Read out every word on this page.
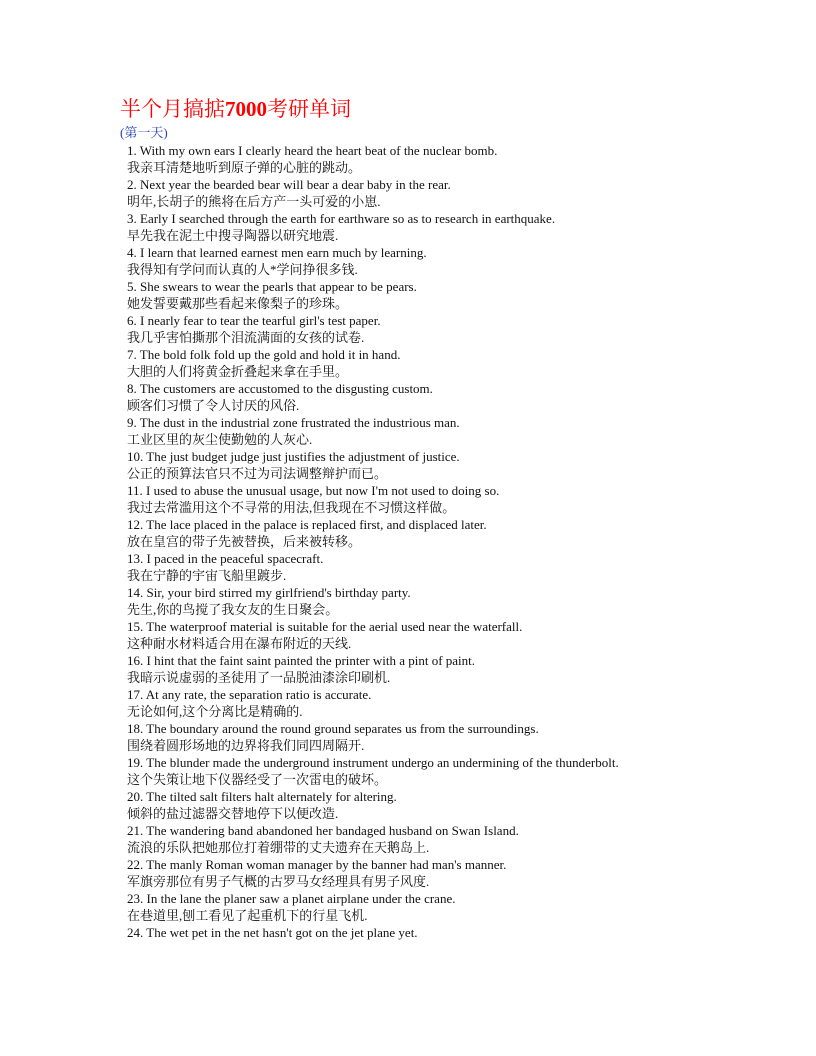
半个月搞掂7000考研单词
(第一天)
1. With my own ears I clearly heard the heart beat of the nuclear bomb.
我亲耳清楚地听到原子弹的心脏的跳动。
2. Next year the bearded bear will bear a dear baby in the rear.
明年,长胡子的熊将在后方产一头可爱的小崽.
3. Early I searched through the earth for earthware so as to research in earthquake.
早先我在泥土中搜寻陶器以研究地震.
4. I learn that learned earnest men earn much by learning.
我得知有学问而认真的人*学问挣很多钱.
5. She swears to wear the pearls that appear to be pears.
她发誓要戴那些看起来像梨子的珍珠。
6. I nearly fear to tear the tearful girl's test paper.
我几乎害怕撕那个泪流满面的女孩的试卷.
7. The bold folk fold up the gold and hold it in hand.
大胆的人们将黄金折叠起来拿在手里。
8. The customers are accustomed to the disgusting custom.
顾客们习惯了令人讨厌的风俗.
9. The dust in the industrial zone frustrated the industrious man.
工业区里的灰尘使勤勉的人灰心.
10. The just budget judge just justifies the adjustment of justice.
公正的预算法官只不过为司法调整辩护而已。
11. I used to abuse the unusual usage, but now I'm not used to doing so.
我过去常滥用这个不寻常的用法,但我现在不习惯这样做。
12. The lace placed in the palace is replaced first, and displaced later.
放在皇宫的带子先被替换，后来被转移。
13. I paced in the peaceful spacecraft.
我在宁静的宇宙飞船里踱步.
14. Sir, your bird stirred my girlfriend's birthday party.
先生,你的鸟搅了我女友的生日聚会。
15. The waterproof material is suitable for the aerial used near the waterfall.
这种耐水材料适合用在瀑布附近的天线.
16. I hint that the faint saint painted the printer with a pint of paint.
我暗示说虚弱的圣徒用了一品脱油漆涂印刷机.
17. At any rate, the separation ratio is accurate.
无论如何,这个分离比是精确的.
18. The boundary around the round ground separates us from the surroundings.
围绕着圆形场地的边界将我们同四周隔开.
19. The blunder made the underground instrument undergo an undermining of the thunderbolt.
这个失策让地下仪器经受了一次雷电的破坏。
20. The tilted salt filters halt alternately for altering.
倾斜的盐过滤器交替地停下以便改造.
21. The wandering band abandoned her bandaged husband on Swan Island.
流浪的乐队把她那位打着绷带的丈夫遗弃在天鹅岛上.
22. The manly Roman woman manager by the banner had man's manner.
军旗旁那位有男子气概的古罗马女经理具有男子风度.
23. In the lane the planer saw a planet airplane under the crane.
在巷道里,刨工看见了起重机下的行星飞机.
24. The wet pet in the net hasn't got on the jet plane yet.
